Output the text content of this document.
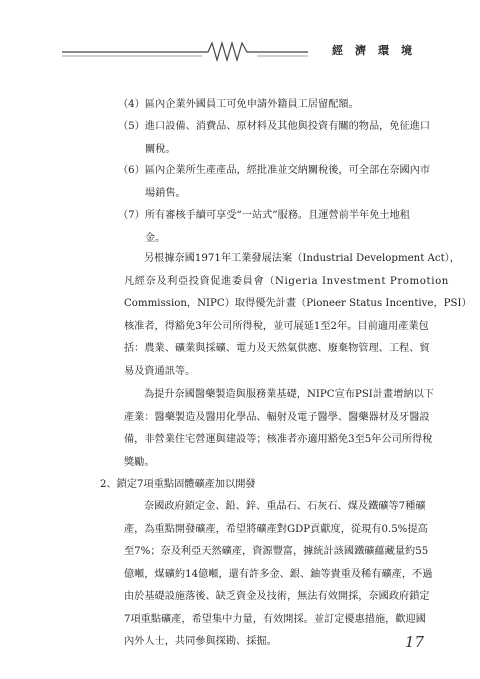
經濟環境
（4）區內企業外國員工可免申請外籍員工居留配額。
（5）進口設備、消費品、原材料及其他與投資有關的物品，免征進口
關稅。
（6）區內企業所生產產品，經批准並交納關稅後，可全部在奈國內市
場銷售。
（7）所有審核手續可享受“一站式”服務。且運營前半年免土地租
金。
另根據奈國1971年工業發展法案（Industrial Development Act），
凡經奈及利亞投資促進委員會（Nigeria Investment Promotion
Commission，NIPC）取得優先計畫（Pioneer Status Incentive，PSI）
核准者，得豁免3年公司所得稅，並可展延1至2年。目前適用產業包
括：農業、礦業與採礦、電力及天然氣供應、廢棄物管理、工程、貿
易及資通訊等。
為提升奈國醫藥製造與服務業基礎，NIPC宣布PSI計畫增納以下
產業：醫藥製造及醫用化學品、輻射及電子醫學、醫藥器材及牙醫設
備，非營業住宅營運與建設等；核准者亦適用豁免3至5年公司所得稅
獎勵。
2、鎖定7項重點固體礦產加以開發
奈國政府鎖定金、鉛、鋅、重晶石、石灰石、煤及鐵礦等7種礦
產，為重點開發礦產，希望將礦產對GDP貢獻度，從現有0.5%提高
至7%；奈及利亞天然礦產，資源豐富，據統計該國鐵礦蘊藏量約55
億噸，煤礦約14億噸，還有許多金、銀、鈾等貴重及稀有礦產，不過
由於基礎設施落後、缺乏資金及技術，無法有效開採，奈國政府鎖定
7項重點礦產，希望集中力量，有效開採。並訂定優惠措施，歡迎國
內外人士，共同參與探勘、採掘。	17
